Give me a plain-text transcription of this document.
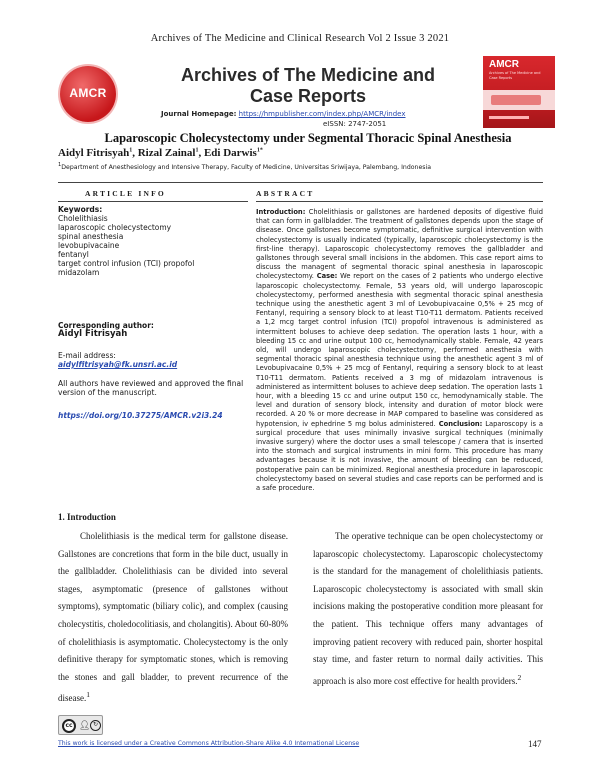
Archives of The Medicine and Clinical Research Vol 2 Issue 3 2021
AMCR
Archives of The Medicine and
Case Reports
Journal Homepage: https://hmpublisher.com/index.php/AMCR/index
eISSN: 2747-2051
AMCR
Archives of The Medicine and Case Reports
Laparoscopic Cholecystectomy under Segmental Thoracic Spinal Anesthesia
Aidyl Fitrisyah$^1$, Rizal Zainal$^1$, Edi Darwis$^{1*}$
$^1$Department of Anesthesiology and Intensive Therapy, Faculty of Medicine, Universitas Sriwijaya, Palembang, Indonesia
ARTICLE INFO	ABSTRACT
Keywords:
Cholelithiasis
laparoscopic cholecystectomy
spinal anesthesia
levobupivacaine
fentanyl
target control infusion (TCI) propofol
midazolam
Corresponding author:
Aidyl Fitrisyah
E-mail address:
aidylfitrisyah@fk.unsri.ac.id
All authors have reviewed and approved the final version of the manuscript.
https://doi.org/10.37275/AMCR.v2i3.24
Introduction: Cholelithiasis or gallstones are hardened deposits of digestive fluid that can form in gallbladder. The treatment of gallstones depends upon the stage of disease. Once gallstones become symptomatic, definitive surgical intervention with cholecystectomy is usually indicated (typically, laparoscopic cholecystectomy is the first-line therapy). Laparoscopic cholecystectomy removes the gallbladder and gallstones through several small incisions in the abdomen. This case report aims to discuss the managent of segmental thoracic spinal anesthesia in laparoscopic cholecystectomy. Case: We report on the cases of 2 patients who undergo elective laparoscopic cholecystectomy. Female, 53 years old, will undergo laparoscopic cholecystectomy, performed anesthesia with segmental thoracic spinal anesthesia technique using the anesthetic agent 3 ml of Levobupivacaine 0,5% + 25 mcg of Fentanyl, requiring a sensory block to at least T10-T11 dermatom. Patients received a 1,2 mcg target control infusion (TCI) propofol intravenous is administered as intermittent boluses to achieve deep sedation. The operation lasts 1 hour, with a bleeding 15 cc and urine output 100 cc, hemodynamically stable. Female, 42 years old, will undergo laparoscopic cholecystectomy, performed anesthesia with segmental thoracic spinal anesthesia technique using the anesthetic agent 3 ml of Levobupivacaine 0,5% + 25 mcg of Fentanyl, requiring a sensory block to at least T10-T11 dermatom. Patients received a 3 mg of midazolam intravenous is administered as intermittent boluses to achieve deep sedation. The operation lasts 1 hour, with a bleeding 15 cc and urine output 150 cc, hemodynamically stable. The level and duration of sensory block, intensity and duration of motor block were recorded. A 20 % or more decrease in MAP compared to baseline was considered as hypotension, iv ephedrine 5 mg bolus administered. Conclusion: Laparoscopy is a surgical procedure that uses minimally invasive surgical techniques (minimally invasive surgery) where the doctor uses a small telescope / camera that is inserted into the stomach and surgical instruments in mini form. This procedure has many advantages because it is not invasive, the amount of bleeding can be reduced, postoperative pain can be minimized. Regional anesthesia procedure in laparoscopic cholecystectomy based on several studies and case reports can be performed and is a safe procedure.
1. Introduction
Cholelithiasis is the medical term for gallstone disease. Gallstones are concretions that form in the bile duct, usually in the gallbladder. Cholelithiasis can be divided into several stages, asymptomatic (presence of gallstones without symptoms), symptomatic (biliary colic), and complex (causing cholecystitis, choledocolitiasis, and cholangitis). About 60-80% of cholelithiasis is asymptomatic. Cholecystectomy is the only definitive therapy for symptomatic stones, which is removing the stones and gall bladder, to prevent recurrence of the disease.$^1$
The operative technique can be open cholecystectomy or laparoscopic cholecystectomy. Laparoscopic cholecystectomy is the standard for the management of cholelithiasis patients. Laparoscopic cholecystectomy is associated with small skin incisions making the postoperative condition more pleasant for the patient. This technique offers many advantages of improving patient recovery with reduced pain, shorter hospital stay time, and faster return to normal daily activities. This approach is also more cost effective for health providers.$^2$
cc 👤︎ ↻
This work is licensed under a Creative Commons Attribution-Share Alike 4.0 International License	147
